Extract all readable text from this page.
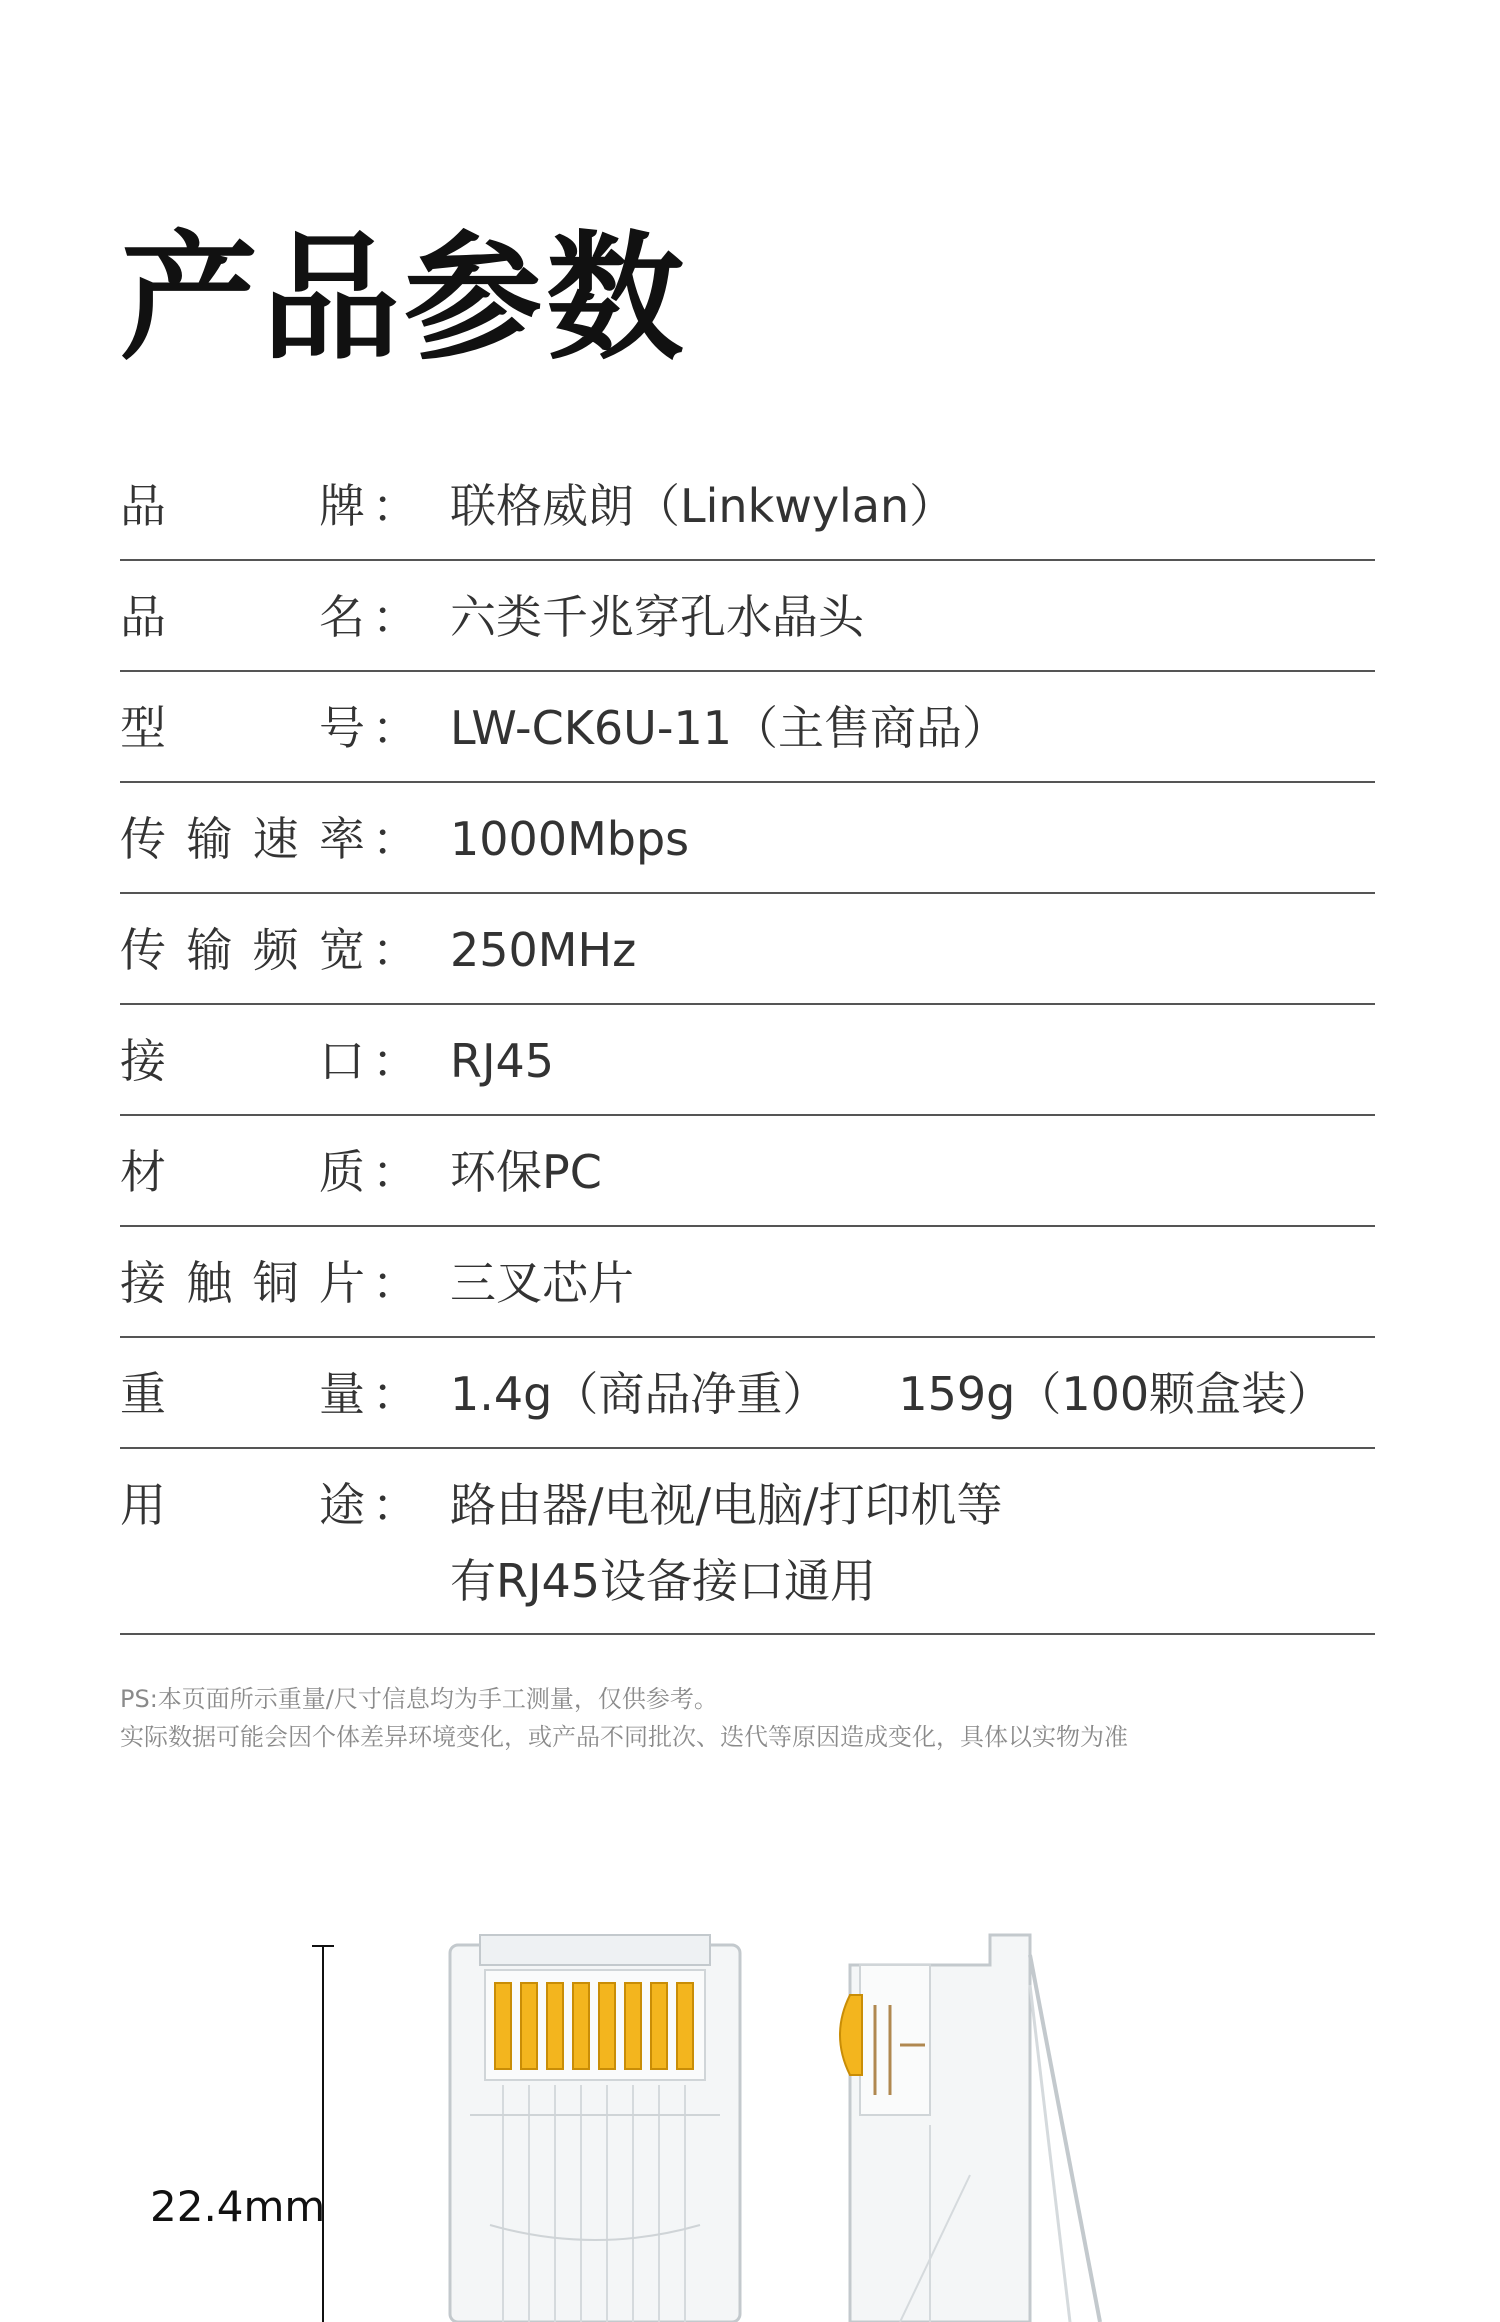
产品参数
品牌 ： 联格威朗（Linkwylan）
品名 ： 六类千兆穿孔水晶头
型号 ： LW-CK6U-11（主售商品）
传输速率 ： 1000Mbps
传输频宽 ： 250MHz
接口 ： RJ45
材质 ： 环保PC
接触铜片 ： 三叉芯片
重量 ： 1.4g（商品净重） 159g（100颗盒装）
用途 ： 路由器/电视/电脑/打印机等
有RJ45设备接口通用
PS:本页面所示重量/尺寸信息均为手工测量，仅供参考。
实际数据可能会因个体差异环境变化，或产品不同批次、迭代等原因造成变化，具体以实物为准
22.4mm
